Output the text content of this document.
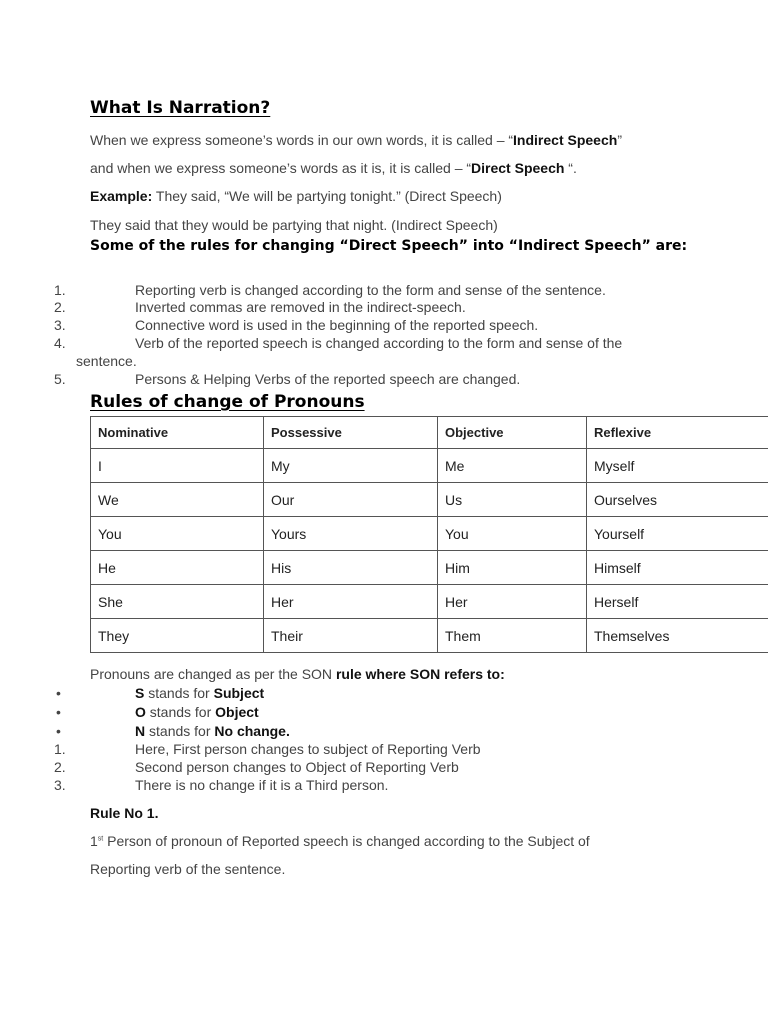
What Is Narration?
When we express someone’s words in our own words, it is called – “Indirect Speech”
and when we express someone’s words as it is, it is called – “Direct Speech “.
Example: They said, “We will be partying tonight.” (Direct Speech)
They said that they would be partying that night. (Indirect Speech)
Some of the rules for changing “Direct Speech” into “Indirect Speech” are:
1.	Reporting verb is changed according to the form and sense of the sentence.
2.	Inverted commas are removed in the indirect-speech.
3.	Connective word is used in the beginning of the reported speech.
4.	Verb of the reported speech is changed according to the form and sense of the
sentence.
5.	Persons & Helping Verbs of the reported speech are changed.
Rules of change of Pronouns
Nominative	Possessive	Objective	Reflexive
I	My	Me	Myself
We	Our	Us	Ourselves
You	Yours	You	Yourself
He	His	Him	Himself
She	Her	Her	Herself
They	Their	Them	Themselves
Pronouns are changed as per the SON rule where SON refers to:
•	S stands for Subject
•	O stands for Object
•	N stands for No change.
1.	Here, First person changes to subject of Reporting Verb
2.	Second person changes to Object of Reporting Verb
3.	There is no change if it is a Third person.
Rule No 1.
1st Person of pronoun of Reported speech is changed according to the Subject of
Reporting verb of the sentence.
